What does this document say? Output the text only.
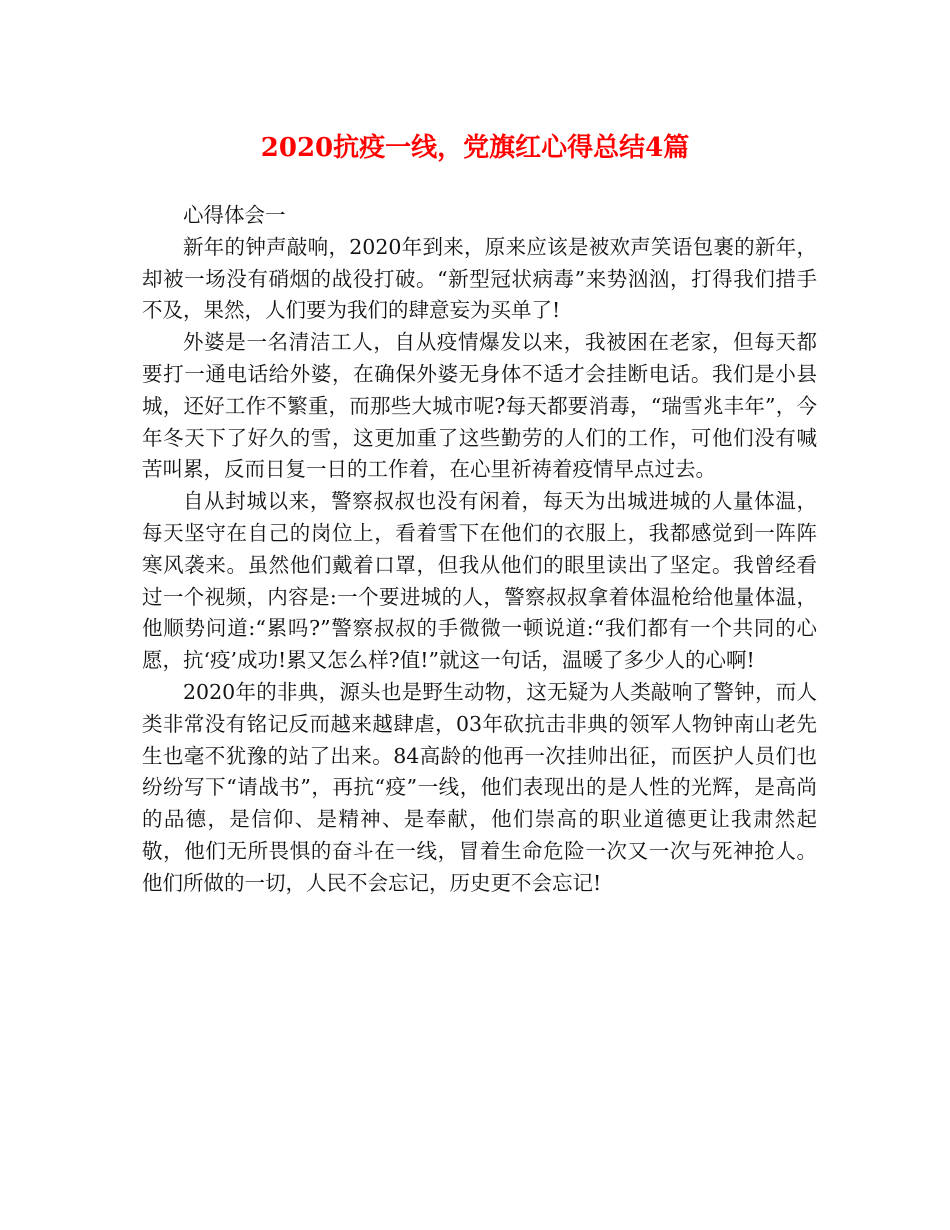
2020抗疫一线，党旗红心得总结4篇

心得体会一

新年的钟声敲响，2020年到来，原来应该是被欢声笑语包裹的新年，却被一场没有硝烟的战役打破。“新型冠状病毒”来势汹汹，打得我们措手不及，果然，人们要为我们的肆意妄为买单了!

外婆是一名清洁工人，自从疫情爆发以来，我被困在老家，但每天都要打一通电话给外婆，在确保外婆无身体不适才会挂断电话。我们是小县城，还好工作不繁重，而那些大城市呢?每天都要消毒，“瑞雪兆丰年”，今年冬天下了好久的雪，这更加重了这些勤劳的人们的工作，可他们没有喊苦叫累，反而日复一日的工作着，在心里祈祷着疫情早点过去。

自从封城以来，警察叔叔也没有闲着，每天为出城进城的人量体温，每天坚守在自己的岗位上，看着雪下在他们的衣服上，我都感觉到一阵阵寒风袭来。虽然他们戴着口罩，但我从他们的眼里读出了坚定。我曾经看过一个视频，内容是:一个要进城的人，警察叔叔拿着体温枪给他量体温，他顺势问道:“累吗?”警察叔叔的手微微一顿说道:“我们都有一个共同的心愿，抗‘疫’成功!累又怎么样?值!”就这一句话，温暖了多少人的心啊!

2020年的非典，源头也是野生动物，这无疑为人类敲响了警钟，而人类非常没有铭记反而越来越肆虐，03年砍抗击非典的领军人物钟南山老先生也毫不犹豫的站了出来。84高龄的他再一次挂帅出征，而医护人员们也纷纷写下“请战书”，再抗“疫”一线，他们表现出的是人性的光辉，是高尚的品德，是信仰、是精神、是奉献，他们崇高的职业道德更让我肃然起敬，他们无所畏惧的奋斗在一线，冒着生命危险一次又一次与死神抢人。他们所做的一切，人民不会忘记，历史更不会忘记!
